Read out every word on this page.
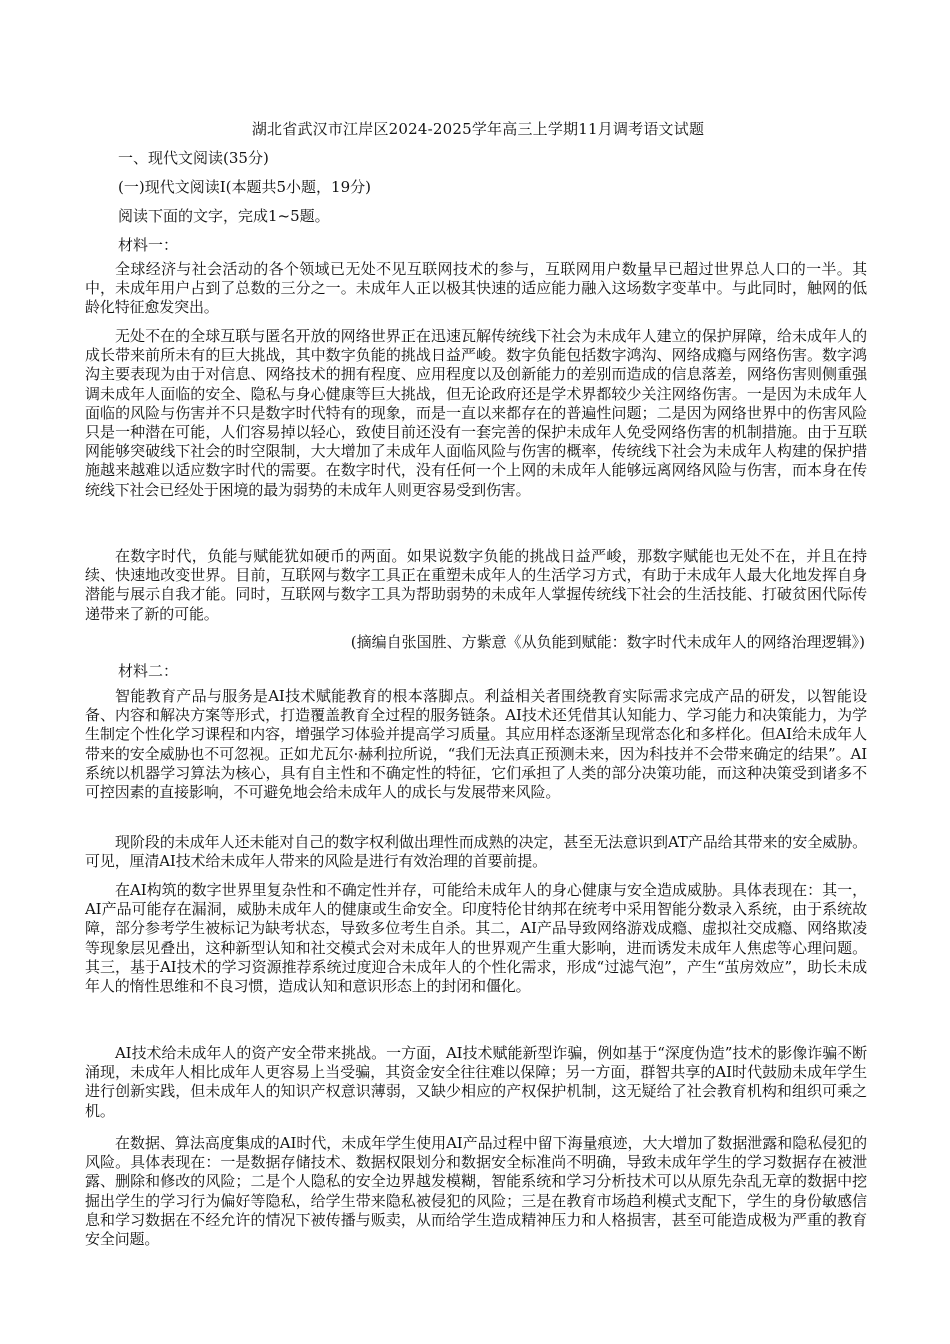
湖北省武汉市江岸区2024-2025学年高三上学期11月调考语文试题
一、现代文阅读(35分)
(一)现代文阅读Ⅰ(本题共5小题，19分)
阅读下面的文字，完成1~5题。
材料一：

全球经济与社会活动的各个领域已无处不见互联网技术的参与，互联网用户数量早已超过世界总人口的一半。其中，未成年用户占到了总数的三分之一。未成年人正以极其快速的适应能力融入这场数字变革中。与此同时，触网的低龄化特征愈发突出。

无处不在的全球互联与匿名开放的网络世界正在迅速瓦解传统线下社会为未成年人建立的保护屏障，给未成年人的成长带来前所未有的巨大挑战，其中数字负能的挑战日益严峻。数字负能包括数字鸿沟、网络成瘾与网络伤害。数字鸿沟主要表现为由于对信息、网络技术的拥有程度、应用程度以及创新能力的差别而造成的信息落差，网络伤害则侧重强调未成年人面临的安全、隐私与身心健康等巨大挑战，但无论政府还是学术界都较少关注网络伤害。一是因为未成年人面临的风险与伤害并不只是数字时代特有的现象，而是一直以来都存在的普遍性问题；二是因为网络世界中的伤害风险只是一种潜在可能，人们容易掉以轻心，致使目前还没有一套完善的保护未成年人免受网络伤害的机制措施。由于互联网能够突破线下社会的时空限制，大大增加了未成年人面临风险与伤害的概率，传统线下社会为未成年人构建的保护措施越来越难以适应数字时代的需要。在数字时代，没有任何一个上网的未成年人能够远离网络风险与伤害，而本身在传统线下社会已经处于困境的最为弱势的未成年人则更容易受到伤害。

在数字时代，负能与赋能犹如硬币的两面。如果说数字负能的挑战日益严峻，那数字赋能也无处不在，并且在持续、快速地改变世界。目前，互联网与数字工具正在重塑未成年人的生活学习方式，有助于未成年人最大化地发挥自身潜能与展示自我才能。同时，互联网与数字工具为帮助弱势的未成年人掌握传统线下社会的生活技能、打破贫困代际传递带来了新的可能。

(摘编自张国胜、方紫意《从负能到赋能：数字时代未成年人的网络治理逻辑》)
材料二：

智能教育产品与服务是AI技术赋能教育的根本落脚点。利益相关者围绕教育实际需求完成产品的研发，以智能设备、内容和解决方案等形式，打造覆盖教育全过程的服务链条。AI技术还凭借其认知能力、学习能力和决策能力，为学生制定个性化学习课程和内容，增强学习体验并提高学习质量。其应用样态逐渐呈现常态化和多样化。但AI给未成年人带来的安全威胁也不可忽视。正如尤瓦尔·赫利拉所说，“我们无法真正预测未来，因为科技并不会带来确定的结果”。AI系统以机器学习算法为核心，具有自主性和不确定性的特征，它们承担了人类的部分决策功能，而这种决策受到诸多不可控因素的直接影响，不可避免地会给未成年人的成长与发展带来风险。

现阶段的未成年人还未能对自己的数字权利做出理性而成熟的决定，甚至无法意识到AT产品给其带来的安全威胁。可见，厘清AI技术给未成年人带来的风险是进行有效治理的首要前提。

在AI构筑的数字世界里复杂性和不确定性并存，可能给未成年人的身心健康与安全造成威胁。具体表现在：其一，AI产品可能存在漏洞，威胁未成年人的健康或生命安全。印度特伦甘纳邦在统考中采用智能分数录入系统，由于系统故障，部分参考学生被标记为缺考状态，导致多位考生自杀。其二，AI产品导致网络游戏成瘾、虚拟社交成瘾、网络欺凌等现象层见叠出，这种新型认知和社交模式会对未成年人的世界观产生重大影响，进而诱发未成年人焦虑等心理问题。其三，基于AI技术的学习资源推荐系统过度迎合未成年人的个性化需求，形成“过滤气泡”，产生“茧房效应”，助长未成年人的惰性思维和不良习惯，造成认知和意识形态上的封闭和僵化。

AI技术给未成年人的资产安全带来挑战。一方面，AI技术赋能新型诈骗，例如基于“深度伪造”技术的影像诈骗不断涌现，未成年人相比成年人更容易上当受骗，其资金安全往往难以保障；另一方面，群智共享的AI时代鼓励未成年学生进行创新实践，但未成年人的知识产权意识薄弱，又缺少相应的产权保护机制，这无疑给了社会教育机构和组织可乘之机。

在数据、算法高度集成的AI时代，未成年学生使用AI产品过程中留下海量痕迹，大大增加了数据泄露和隐私侵犯的风险。具体表现在：一是数据存储技术、数据权限划分和数据安全标准尚不明确，导致未成年学生的学习数据存在被泄露、删除和修改的风险；二是个人隐私的安全边界越发模糊，智能系统和学习分析技术可以从原先杂乱无章的数据中挖掘出学生的学习行为偏好等隐私，给学生带来隐私被侵犯的风险；三是在教育市场趋利模式支配下，学生的身份敏感信息和学习数据在不经允许的情况下被传播与贩卖，从而给学生造成精神压力和人格损害，甚至可能造成极为严重的教育安全问题。
